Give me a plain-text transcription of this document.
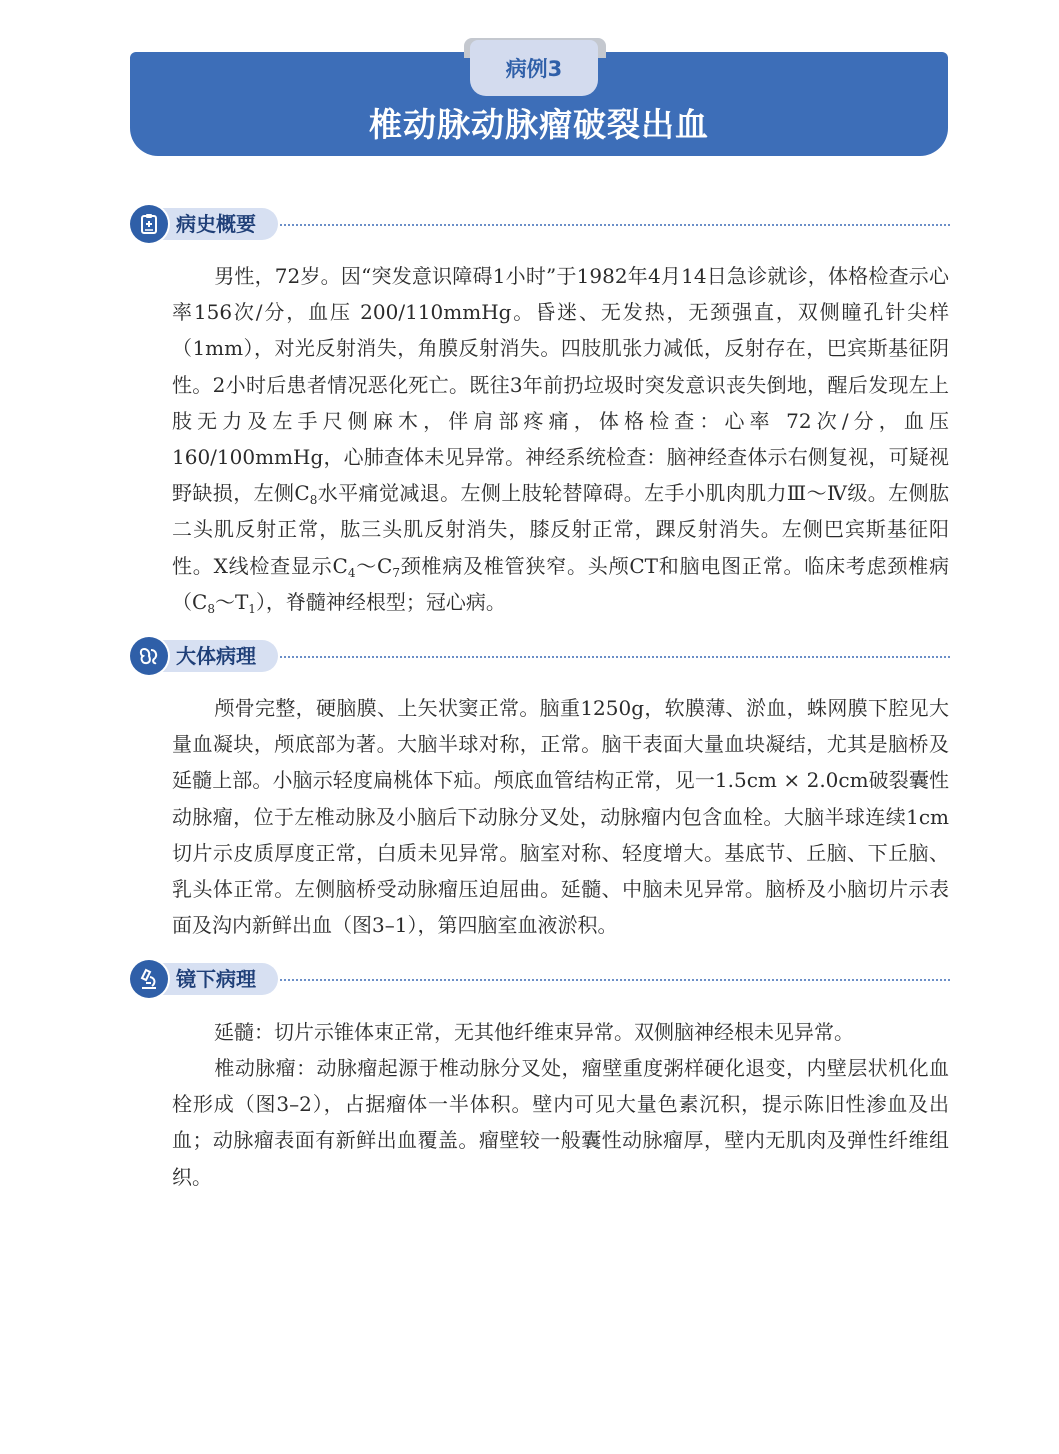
病例3
椎动脉动脉瘤破裂出血
病史概要

男性，72岁。因“突发意识障碍1小时”于1982年4月14日急诊就诊，体格检查示心率156次/分，血压 200/110mmHg。昏迷、无发热，无颈强直，双侧瞳孔针尖样（1mm），对光反射消失，角膜反射消失。四肢肌张力减低，反射存在，巴宾斯基征阴性。2小时后患者情况恶化死亡。既往3年前扔垃圾时突发意识丧失倒地，醒后发现左上肢无力及左手尺侧麻木，伴肩部疼痛，体格检查：心率 72次/分，血压 160/100mmHg，心肺查体未见异常。神经系统检查：脑神经查体示右侧复视，可疑视野缺损，左侧$C_8$水平痛觉减退。左侧上肢轮替障碍。左手小肌肉肌力Ⅲ～Ⅳ级。左侧肱二头肌反射正常，肱三头肌反射消失，膝反射正常，踝反射消失。左侧巴宾斯基征阳性。X线检查显示$C_4\sim C_7$颈椎病及椎管狭窄。头颅CT和脑电图正常。临床考虑颈椎病$(C_8\sim T_1)$，脊髓神经根型；冠心病。

大体病理

颅骨完整，硬脑膜、上矢状窦正常。脑重1250g，软膜薄、淤血，蛛网膜下腔见大量血凝块，颅底部为著。大脑半球对称，正常。脑干表面大量血块凝结，尤其是脑桥及延髓上部。小脑示轻度扁桃体下疝。颅底血管结构正常，见一1.5cm × 2.0cm破裂囊性动脉瘤，位于左椎动脉及小脑后下动脉分叉处，动脉瘤内包含血栓。大脑半球连续1cm切片示皮质厚度正常，白质未见异常。脑室对称、轻度增大。基底节、丘脑、下丘脑、乳头体正常。左侧脑桥受动脉瘤压迫屈曲。延髓、中脑未见异常。脑桥及小脑切片示表面及沟内新鲜出血（图3–1），第四脑室血液淤积。

镜下病理

延髓：切片示锥体束正常，无其他纤维束异常。双侧脑神经根未见异常。

椎动脉瘤：动脉瘤起源于椎动脉分叉处，瘤壁重度粥样硬化退变，内壁层状机化血栓形成（图3–2），占据瘤体一半体积。壁内可见大量色素沉积，提示陈旧性渗血及出血；动脉瘤表面有新鲜出血覆盖。瘤壁较一般囊性动脉瘤厚，壁内无肌肉及弹性纤维组织。
